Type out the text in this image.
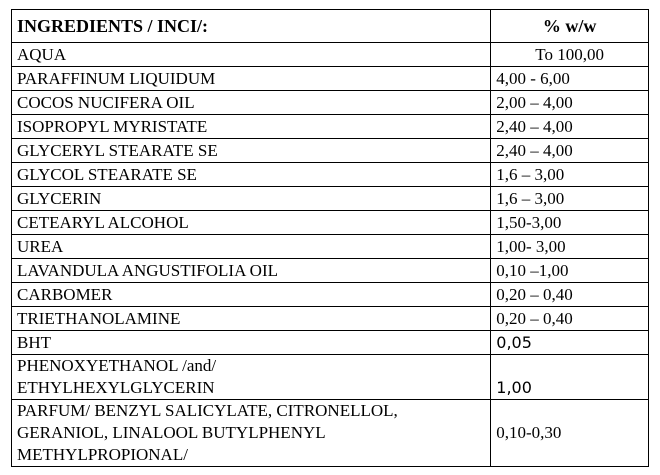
INGREDIENTS / INCI/:	% w/w
AQUA	To 100,00
PARAFFINUM LIQUIDUM	4,00 - 6,00
COCOS NUCIFERA OIL	2,00 – 4,00
ISOPROPYL MYRISTATE	2,40 – 4,00
GLYCERYL STEARATE SE	2,40 – 4,00
GLYCOL STEARATE SE	1,6 – 3,00
GLYCERIN	1,6 – 3,00
CETEARYL ALCOHOL	1,50-3,00
UREA	1,00- 3,00
LAVANDULA ANGUSTIFOLIA OIL	0,10 –1,00
CARBOMER	0,20 – 0,40
TRIETHANOLAMINE	0,20 – 0,40
BHT	0,05

PHENOXYETHANOL /and/
ETHYLHEXYLGLYCERIN	1,00

PARFUM/ BENZYL SALICYLATE, CITRONELLOL,
GERANIOL, LINALOOL BUTYLPHENYL
METHYLPROPIONAL/	0,10-0,30
